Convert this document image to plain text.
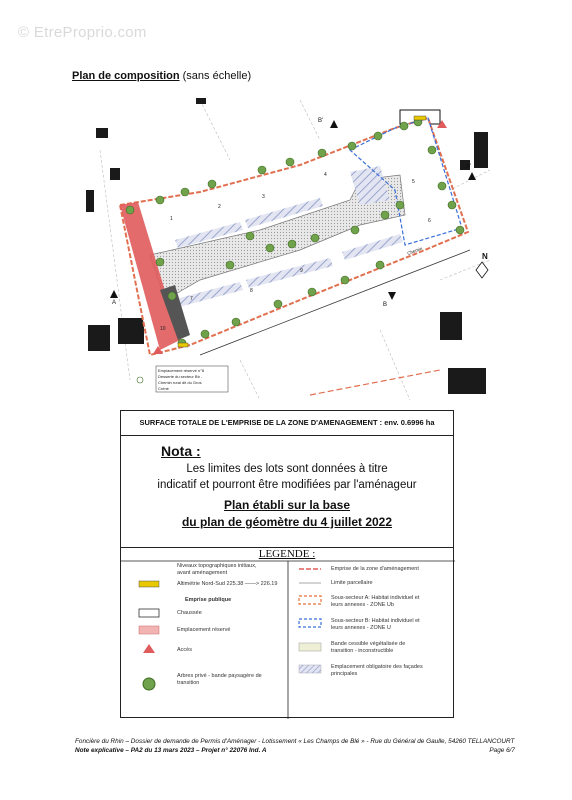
© EtreProprio.com
Plan de composition (sans échelle)
1
2
3
4
5
6
7
8
9
10
B'
A'
A	B
N
Chemin
Emplacement réservé n°8
Desserte du secteur Bb -
Chemin rural dit du Gros
Créné
SURFACE TOTALE DE L'EMPRISE DE LA ZONE D'AMENAGEMENT : env. 0.6996 ha
Nota :
Les limites des lots sont données à titre
indicatif et pourront être modifiées par l'aménageur
Plan établi sur la base
du plan de géomètre du 4 juillet 2022
LEGENDE :
Niveaux topographiques initiaux,
avant aménagement
Altimétrie Nord-Sud 225.38 ——> 226.19
Emprise publique
Chaussée
Emplacement réservé
Accès
Arbres privé - bande paysagère de
transition
Emprise de la zone d'aménagement
Limite parcellaire
Sous-secteur A: Habitat individuel et
leurs annexes - ZONE Ub
Sous-secteur B: Habitat individuel et
leurs annexes - ZONE U
Bande cessible végétalisée de
transition - inconstructible
Emplacement obligatoire des façades
principales
Foncière du Rhin – Dossier de demande de Permis d'Aménager - Lotissement « Les Champs de Blé » - Rue du Général de Gaulle, 54260 TELLANCOURT
Note explicative – PA2 du 13 mars 2023 – Projet n° 22076 Ind. A	Page 6/7
